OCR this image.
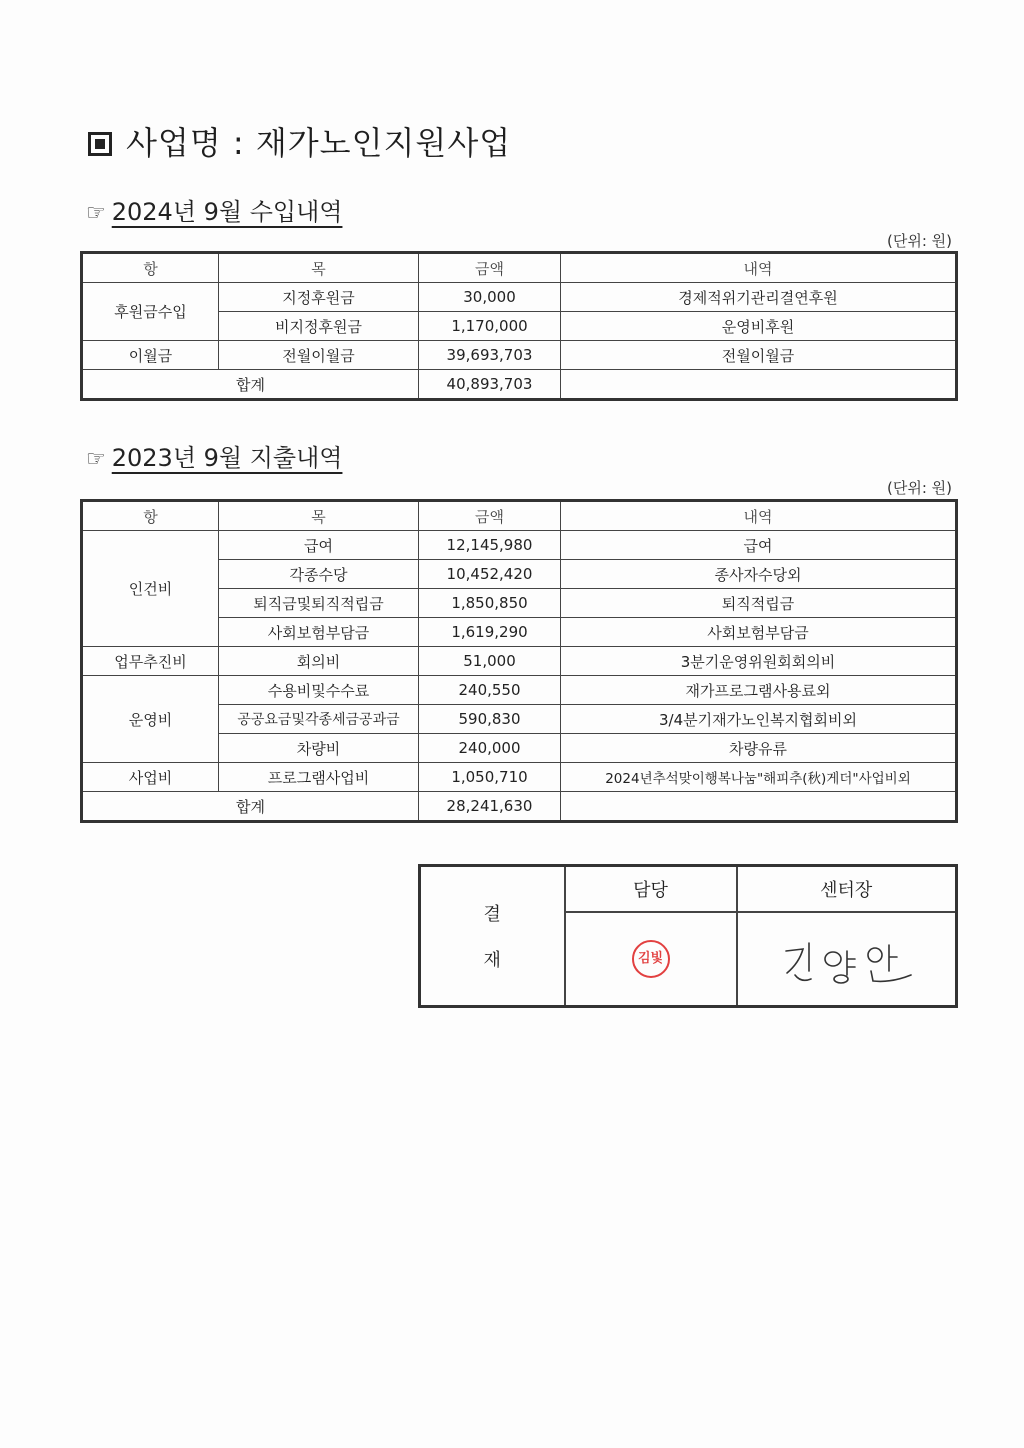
사업명 : 재가노인지원사업
☞ 2024년 9월 수입내역
(단위: 원)
항	목	금액	내역
후원금수입	지정후원금	30,000	경제적위기관리결연후원
	비지정후원금	1,170,000	운영비후원
이월금	전월이월금	39,693,703	전월이월금
합계		40,893,703	
☞ 2023년 9월 지출내역
(단위: 원)
항	목	금액	내역
인건비	급여	12,145,980	급여
	각종수당	10,452,420	종사자수당외
	퇴직금및퇴직적립금	1,850,850	퇴직적립금
	사회보험부담금	1,619,290	사회보험부담금
업무추진비	회의비	51,000	3분기운영위원회회의비
운영비	수용비및수수료	240,550	재가프로그램사용료외
	공공요금및각종세금공과금	590,830	3/4분기재가노인복지협회비외
	차량비	240,000	차량유류
사업비	프로그램사업비	1,050,710	2024년추석맞이행복나눔"해피추(秋)게더"사업비외
합계		28,241,630	
결
재	담당	센터장
	김빛	
